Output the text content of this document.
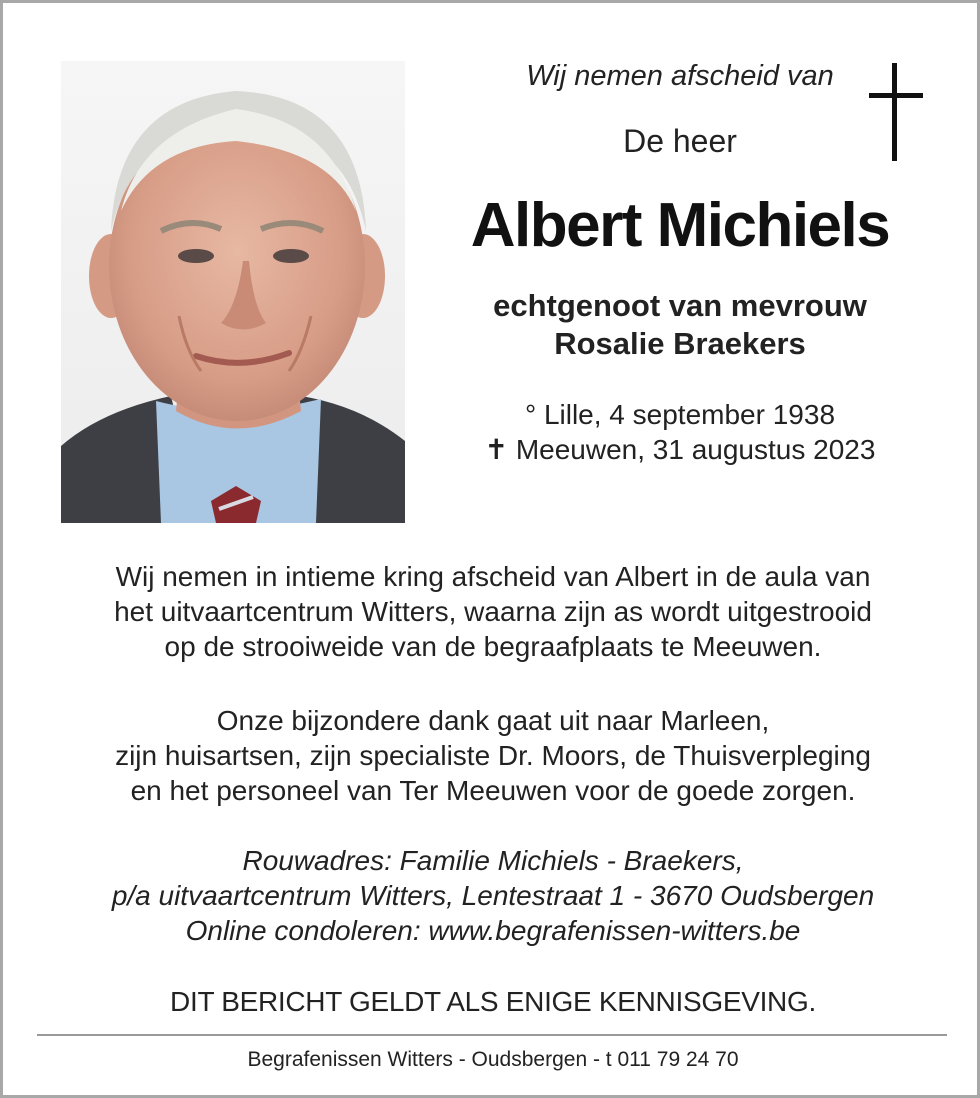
Wij nemen afscheid van
De heer
Albert Michiels
echtgenoot van mevrouw
Rosalie Braekers
° Lille, 4 september 1938
✝ Meeuwen, 31 augustus 2023
Wij nemen in intieme kring afscheid van Albert in de aula van
het uitvaartcentrum Witters, waarna zijn as wordt uitgestrooid
op de strooiweide van de begraafplaats te Meeuwen.
Onze bijzondere dank gaat uit naar Marleen,
zijn huisartsen, zijn specialiste Dr. Moors, de Thuisverpleging
en het personeel van Ter Meeuwen voor de goede zorgen.
Rouwadres: Familie Michiels - Braekers,
p/a uitvaartcentrum Witters, Lentestraat 1 - 3670 Oudsbergen
Online condoleren: www.begrafenissen-witters.be
DIT BERICHT GELDT ALS ENIGE KENNISGEVING.
Begrafenissen Witters - Oudsbergen - t 011 79 24 70
